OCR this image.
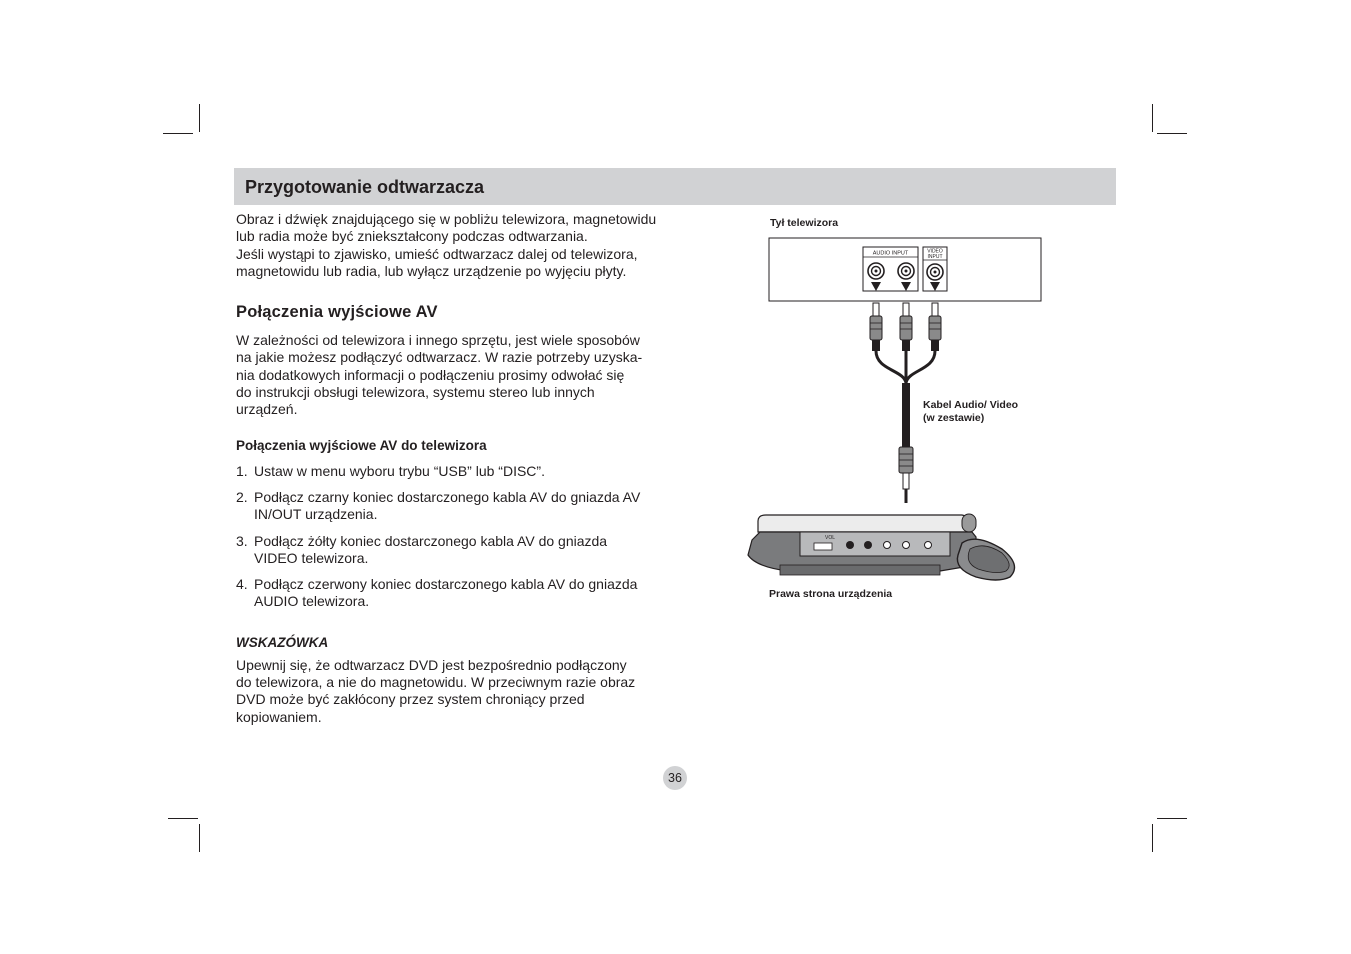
Przygotowanie odtwarzacza

Obraz i dźwięk znajdującego się w pobliżu telewizora, magnetowidu

lub radia może być zniekształcony podczas odtwarzania.

Jeśli wystąpi to zjawisko, umieść odtwarzacz dalej od telewizora,

magnetowidu lub radia, lub wyłącz urządzenie po wyjęciu płyty.

Połączenia wyjściowe AV

W zależności od telewizora i innego sprzętu, jest wiele sposobów

na jakie możesz podłączyć odtwarzacz. W razie potrzeby uzyska-

nia dodatkowych informacji o podłączeniu prosimy odwołać się

do instrukcji obsługi telewizora, systemu stereo lub innych

urządzeń.

Połączenia wyjściowe AV do telewizora
1. Ustaw w menu wyboru trybu “USB” lub “DISC”.
2. Podłącz czarny koniec dostarczonego kabla AV do gniazda AV
IN/OUT urządzenia.
3. Podłącz żółty koniec dostarczonego kabla AV do gniazda
VIDEO telewizora.
4. Podłącz czerwony koniec dostarczonego kabla AV do gniazda
AUDIO telewizora.
WSKAZÓWKA

Upewnij się, że odtwarzacz DVD jest bezpośrednio podłączony

do telewizora, a nie do magnetowidu. W przeciwnym razie obraz

DVD może być zakłócony przez system chroniący przed

kopiowaniem.

Tył telewizora
AUDIO INPUT	VIDEO
INPUT
VOL
Kabel Audio/ Video
(w zestawie)
Prawa strona urządzenia
36
